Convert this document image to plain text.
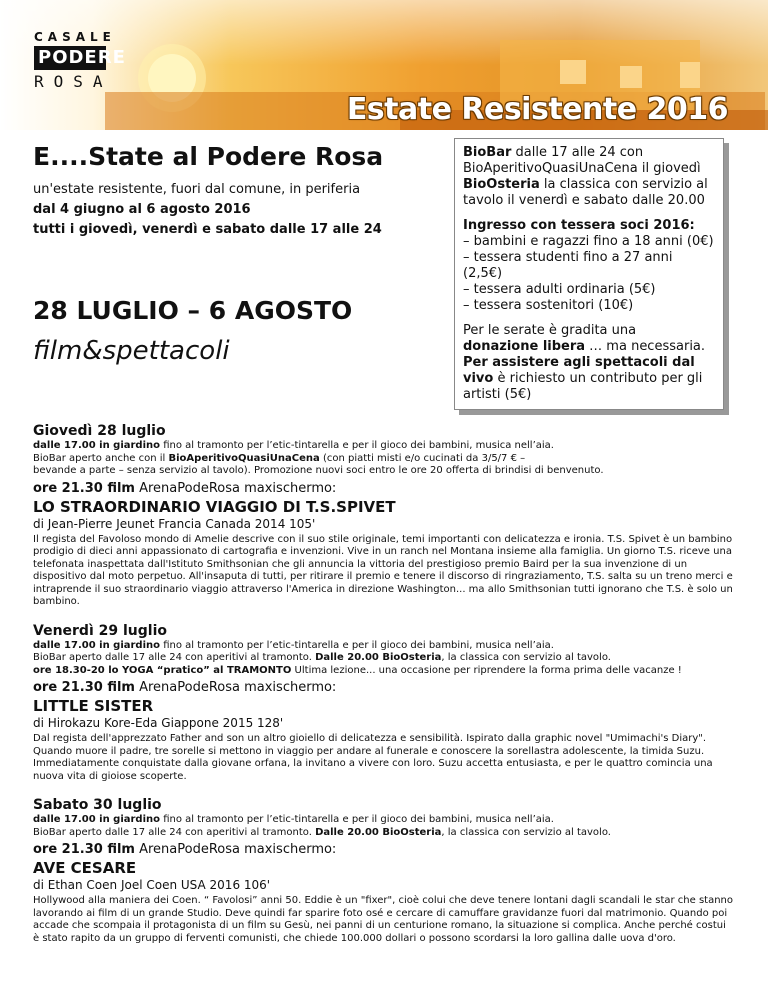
CASALE
PODERE
ROSA
Estate Resistente 2016
E....State al Podere Rosa
un'estate resistente, fuori dal comune, in periferia
dal 4 giugno al 6 agosto 2016
tutti i giovedì, venerdì e sabato dalle 17 alle 24
28 LUGLIO – 6 AGOSTO
film&spettacoli

BioBar dalle 17 alle 24 con BioAperitivoQuasiUnaCena il giovedì
BioOsteria la classica con servizio al tavolo il venerdì e sabato dalle 20.00

Ingresso con tessera soci 2016:
– bambini e ragazzi fino a 18 anni (0€)
– tessera studenti fino a 27 anni (2,5€)
– tessera adulti ordinaria (5€)
– tessera sostenitori (10€)

Per le serate è gradita una donazione libera … ma necessaria.
Per assistere agli spettacoli dal vivo è richiesto un contributo per gli artisti (5€)

Giovedì 28 luglio

dalle 17.00 in giardino fino al tramonto per l’etic-tintarella e per il gioco dei bambini, musica nell’aia.

BioBar aperto anche con il BioAperitivoQuasiUnaCena (con piatti misti e/o cucinati da 3/5/7 € –

bevande a parte – senza servizio al tavolo). Promozione nuovi soci entro le ore 20 offerta di brindisi di benvenuto.

ore 21.30 film ArenaPodeRosa maxischermo:

LO STRAORDINARIO VIAGGIO DI T.S.SPIVET

di Jean-Pierre Jeunet Francia Canada 2014 105'

Il regista del Favoloso mondo di Amelie descrive con il suo stile originale, temi importanti con delicatezza e ironia. T.S. Spivet è un bambino prodigio di dieci anni appassionato di cartografia e invenzioni. Vive in un ranch nel Montana insieme alla famiglia. Un giorno T.S. riceve una telefonata inaspettata dall'Istituto Smithsonian che gli annuncia la vittoria del prestigioso premio Baird per la sua invenzione di un dispositivo dal moto perpetuo. All'insaputa di tutti, per ritirare il premio e tenere il discorso di ringraziamento, T.S. salta su un treno merci e intraprende il suo straordinario viaggio attraverso l'America in direzione Washington... ma allo Smithsonian tutti ignorano che T.S. è solo un bambino.

Venerdì 29 luglio

dalle 17.00 in giardino fino al tramonto per l’etic-tintarella e per il gioco dei bambini, musica nell’aia.

BioBar aperto dalle 17 alle 24 con aperitivi al tramonto. Dalle 20.00 BioOsteria, la classica con servizio al tavolo.

ore 18.30-20 lo YOGA “pratico” al TRAMONTO Ultima lezione... una occasione per riprendere la forma prima delle vacanze !

ore 21.30 film ArenaPodeRosa maxischermo:

LITTLE SISTER

di Hirokazu Kore-Eda Giappone 2015 128'

Dal regista dell'apprezzato Father and son un altro gioiello di delicatezza e sensibilità. Ispirato dalla graphic novel "Umimachi's Diary". Quando muore il padre, tre sorelle si mettono in viaggio per andare al funerale e conoscere la sorellastra adolescente, la timida Suzu. Immediatamente conquistate dalla giovane orfana, la invitano a vivere con loro. Suzu accetta entusiasta, e per le quattro comincia una nuova vita di gioiose scoperte.

Sabato 30 luglio

dalle 17.00 in giardino fino al tramonto per l’etic-tintarella e per il gioco dei bambini, musica nell’aia.

BioBar aperto dalle 17 alle 24 con aperitivi al tramonto. Dalle 20.00 BioOsteria, la classica con servizio al tavolo.

ore 21.30 film ArenaPodeRosa maxischermo:

AVE CESARE

di Ethan Coen Joel Coen USA 2016 106'

Hollywood alla maniera dei Coen. “ Favolosi” anni 50. Eddie è un "fixer", cioè colui che deve tenere lontani dagli scandali le star che stanno lavorando ai film di un grande Studio. Deve quindi far sparire foto osé e cercare di camuffare gravidanze fuori dal matrimonio. Quando poi accade che scompaia il protagonista di un film su Gesù, nei panni di un centurione romano, la situazione si complica. Anche perché costui è stato rapito da un gruppo di ferventi comunisti, che chiede 100.000 dollari o possono scordarsi la loro gallina dalle uova d'oro.
